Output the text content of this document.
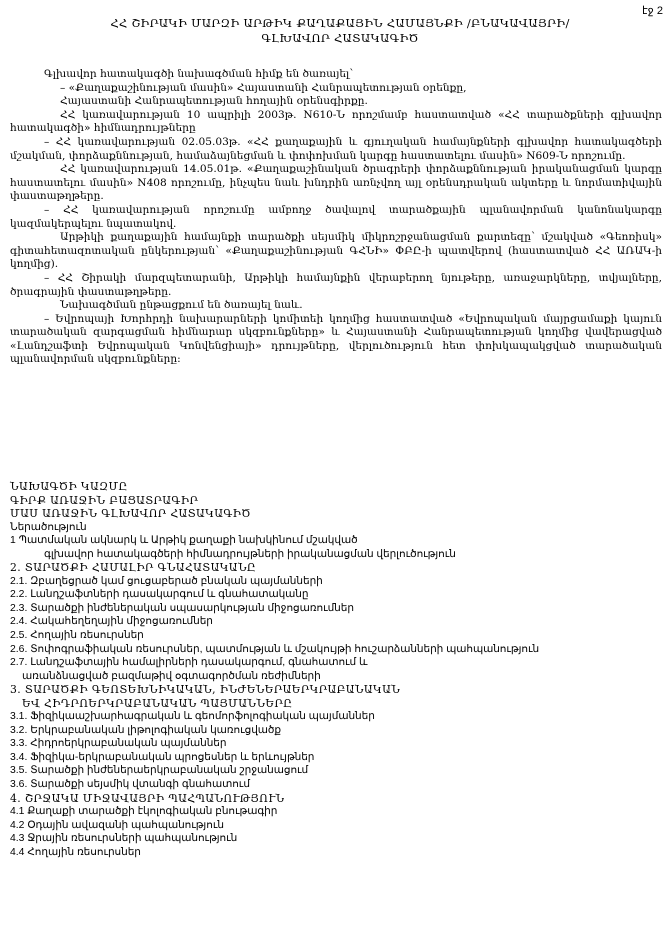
էջ 2
ՀՀ ՇԻՐԱԿԻ ՄԱՐԶԻ ԱՐԹԻԿ ՔԱՂԱՔԱՅԻՆ ՀԱՄԱՅՆՔԻ /ԲՆԱԿԱՎԱՅՐԻ/
ԳԼԽԱՎՈՐ ՀԱՏԱԿԱԳԻԾ

Գլխավոր հատակագծի նախագծման հիմք են ծառայել՝

– «Քաղաքաշինության մասին» Հայաստանի Հանրապետության օրենքը,

Հայաստանի Հանրապետության հողային օրենսգիրքը.

ՀՀ կառավարության 10 ապրիլի 2003թ. N610-Ն որոշմամբ հաստատված «ՀՀ տարածքների գլխավոր հատակագծի» հիմնադրույթները

– ՀՀ կառավարության 02.05.03թ. «ՀՀ քաղաքային և գյուղական համայնքների գլխավոր հատակագծերի մշակման, փորձաքննության, համաձայնեցման և փոփոխման կարգը հաստատելու մասին» N609-Ն որոշումը.

ՀՀ կառավարության 14.05.01թ. «Քաղաքաշինական ծրագրերի փորձաքննության իրականացման կարգը հաստատելու մասին» N408 որոշումը, ինչպես նաև խնդրին առնչվող այլ օրենսդրական ակտերը և նորմատիվային փաստաթղթերը.

– ՀՀ կառավարության որոշումը ամբողջ ծավալով տարածքային պլանավորման կանոնակարգը կազմակերպելու նպատակով.

Արթիկի քաղաքային համայնքի տարածքի սեյսմիկ միկրոշրջանացման քարտեզը՝ մշակված «Գեոռիսկ» գիտահետազոտական ընկերության՝ «Քաղաքաշինության ԳՀՆԻ» ՓԲԸ-ի պատվերով (հաստատված ՀՀ ԱՌԱԿ-ի կողմից).

– ՀՀ Շիրակի մարզպետարանի, Արթիկի համայնքին վերաբերող նյութերը, առաջարկները, տվյալները, ծրագրային փաստաթղթերը.

Նախագծման ընթացքում են ծառայել նաև.

– Եվրոպայի Խորհրդի նախարարների կոմիտեի կողմից հաստատված «Եվրոպական մայրցամաքի կայուն տարածական զարգացման հիմնարար սկզբունքները» և Հայաստանի Հանրապետության կողմից վավերացված «Լանդշաֆտի Եվրոպական Կոնվենցիայի» դրույթները, վերլուծություն հետ փոխկապակցված տարածական պլանավորման սկզբունքները:

ՆԱԽԱԳԾԻ ԿԱԶՄԸ
ԳԻՐՔ ԱՌԱՋԻՆ ԲԱՑԱՏՐԱԳԻՐ
ՄԱՍ ԱՌԱՋԻՆ ԳԼԽԱՎՈՐ ՀԱՏԱԿԱԳԻԾ
Ներածություն
1 Պատմական ակնարկ և Արթիկ քաղաքի նախկինում մշակված
գլխավոր հատակագծերի հիմնադրույթների իրականացման վերլուծություն
2. ՏԱՐԱԾՔԻ ՀԱՄԱԼԻՐ ԳՆԱՀԱՏԱԿԱՆԸ
2.1. Զբաղեցրած կամ ցուցաբերած բնական պայմանների
2.2. Լանդշաֆտների դասակարգում և գնահատականը
2.3. Տարածքի ինժեներական սպասարկության միջոցառումներ
2.4. Հակահեղեղային միջոցառումներ
2.5. Հողային ռեսուրսներ
2.6. Տոփոգրաֆիական ռեսուրսներ, պատմության և մշակույթի հուշարձանների պահպանություն
2.7. Լանդշաֆտային համալիրների դասակարգում, գնահատում և
առանձնացված բազմաթիվ օգտագործման ռեժիմների
3. ՏԱՐԱԾՔԻ ԳԵՈՏԵԽՆԻԿԱԿԱՆ, ԻՆԺԵՆԵՐԱԵՐԿՐԱԲԱՆԱԿԱՆ
ԵՎ ՀԻԴՐՈԵՐԿՐԱԲԱՆԱԿԱՆ ՊԱՅՄԱՆՆԵՐԸ
3.1. Ֆիզիկաաշխարհագրական և գեոմորֆոլոգիական պայմաններ
3.2. Երկրաբանական լիթոլոգիական կառուցվածք
3.3. Հիդրոերկրաբանական պայմաններ
3.4. Ֆիզիկա-երկրաբանական պրոցեսներ և երևույթներ
3.5. Տարածքի ինժեներաերկրաբանական շրջանացում
3.6. Տարածքի սեյսմիկ վտանգի գնահատում
4. ՇՐՋԱԿԱ ՄԻՋԱՎԱՅՐԻ ՊԱՀՊԱՆՈՒԹՅՈՒՆ
4.1 Քաղաքի տարածքի էկոլոգիական բնութագիր
4.2 Օդային ավազանի պահպանություն
4.3 Ջրային ռեսուրսների պահպանություն
4.4 Հողային ռեսուրսներ
